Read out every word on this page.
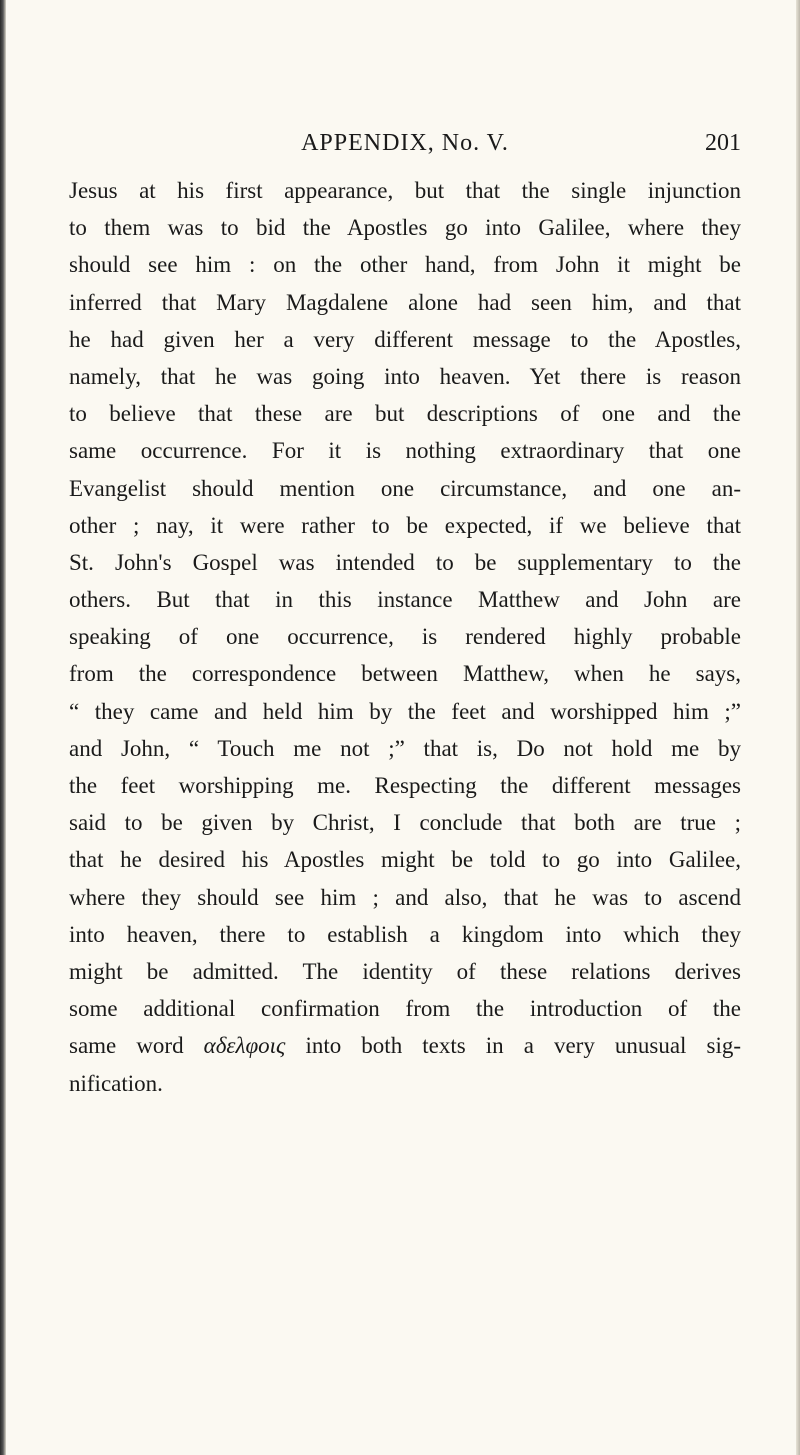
APPENDIX, No. V.	201
Jesus at his first appearance, but that the single injunction
to them was to bid the Apostles go into Galilee, where they
should see him : on the other hand, from John it might be
inferred that Mary Magdalene alone had seen him, and that
he had given her a very different message to the Apostles,
namely, that he was going into heaven. Yet there is reason
to believe that these are but descriptions of one and the
same occurrence. For it is nothing extraordinary that one
Evangelist should mention one circumstance, and one an-
other ; nay, it were rather to be expected, if we believe that
St. John's Gospel was intended to be supplementary to the
others. But that in this instance Matthew and John are
speaking of one occurrence, is rendered highly probable
from the correspondence between Matthew, when he says,
“ they came and held him by the feet and worshipped him ;”
and John, “ Touch me not ;” that is, Do not hold me by
the feet worshipping me. Respecting the different messages
said to be given by Christ, I conclude that both are true ;
that he desired his Apostles might be told to go into Galilee,
where they should see him ; and also, that he was to ascend
into heaven, there to establish a kingdom into which they
might be admitted. The identity of these relations derives
some additional confirmation from the introduction of the
same word αδελφοις into both texts in a very unusual sig-
nification.
